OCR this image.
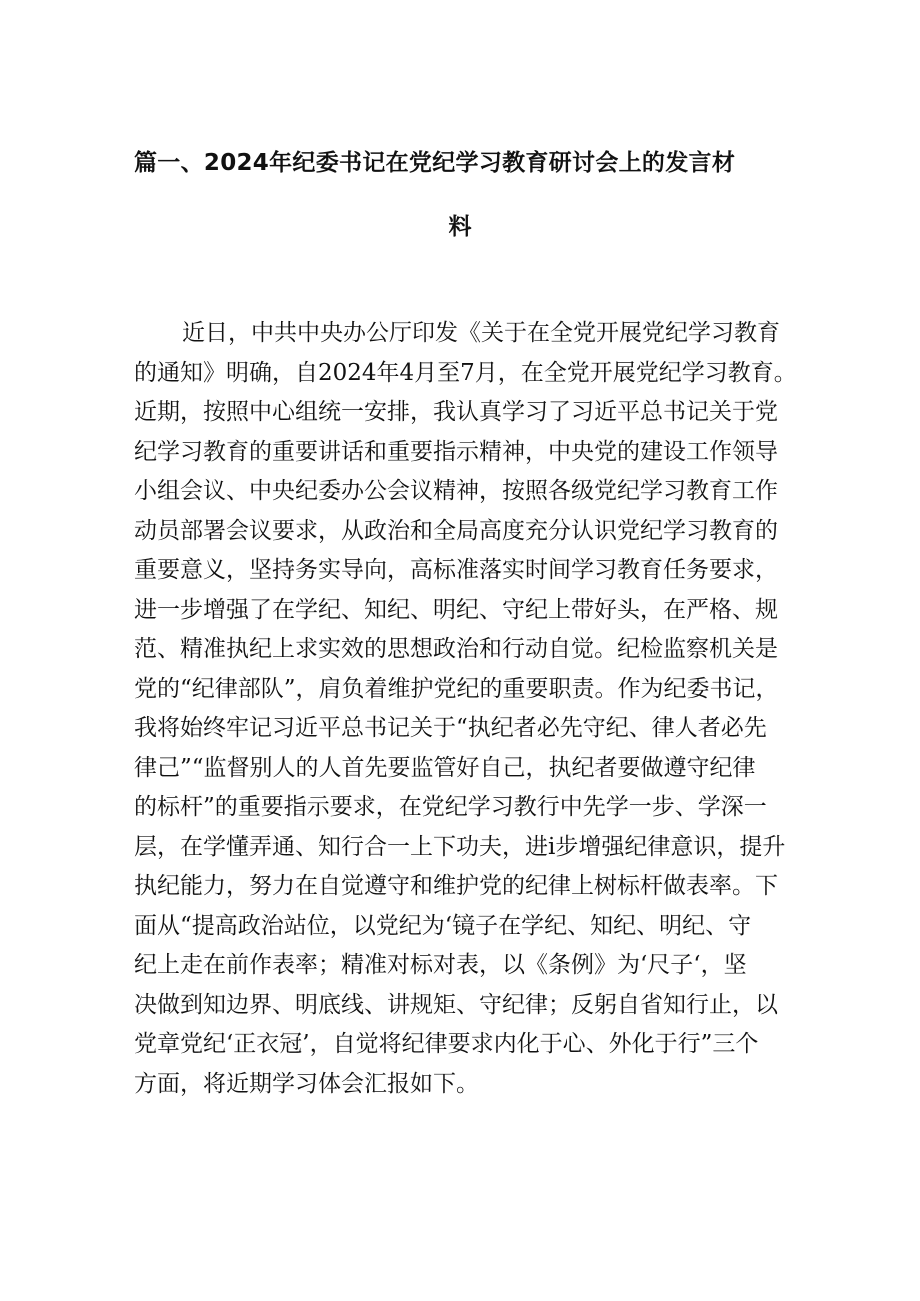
篇一、2024年纪委书记在党纪学习教育研讨会上的发言材
料
近日，中共中央办公厅印发《关于在全党开展党纪学习教育
的通知》明确，自2024年4月至7月，在全党开展党纪学习教育。
近期，按照中心组统一安排，我认真学习了习近平总书记关于党
纪学习教育的重要讲话和重要指示精神，中央党的建设工作领导
小组会议、中央纪委办公会议精神，按照各级党纪学习教育工作
动员部署会议要求，从政治和全局高度充分认识党纪学习教育的
重要意义，坚持务实导向，高标准落实时间学习教育任务要求，
进一步增强了在学纪、知纪、明纪、守纪上带好头，在严格、规
范、精准执纪上求实效的思想政治和行动自觉。纪检监察机关是
党的“纪律部队”，肩负着维护党纪的重要职责。作为纪委书记，
我将始终牢记习近平总书记关于“执纪者必先守纪、律人者必先
律己”“监督别人的人首先要监管好自己，执纪者要做遵守纪律
的标杆”的重要指示要求，在党纪学习教行中先学一步、学深一
层，在学懂弄通、知行合一上下功夫，进i步增强纪律意识，提升
执纪能力，努力在自觉遵守和维护党的纪律上树标杆做表率。下
面从“提高政治站位，以党纪为‘镜子在学纪、知纪、明纪、守
纪上走在前作表率；精准对标对表，以《条例》为‘尺子‘，坚
决做到知边界、明底线、讲规矩、守纪律；反躬自省知行止，以
党章党纪‘正衣冠’，自觉将纪律要求内化于心、外化于行”三个
方面，将近期学习体会汇报如下。
